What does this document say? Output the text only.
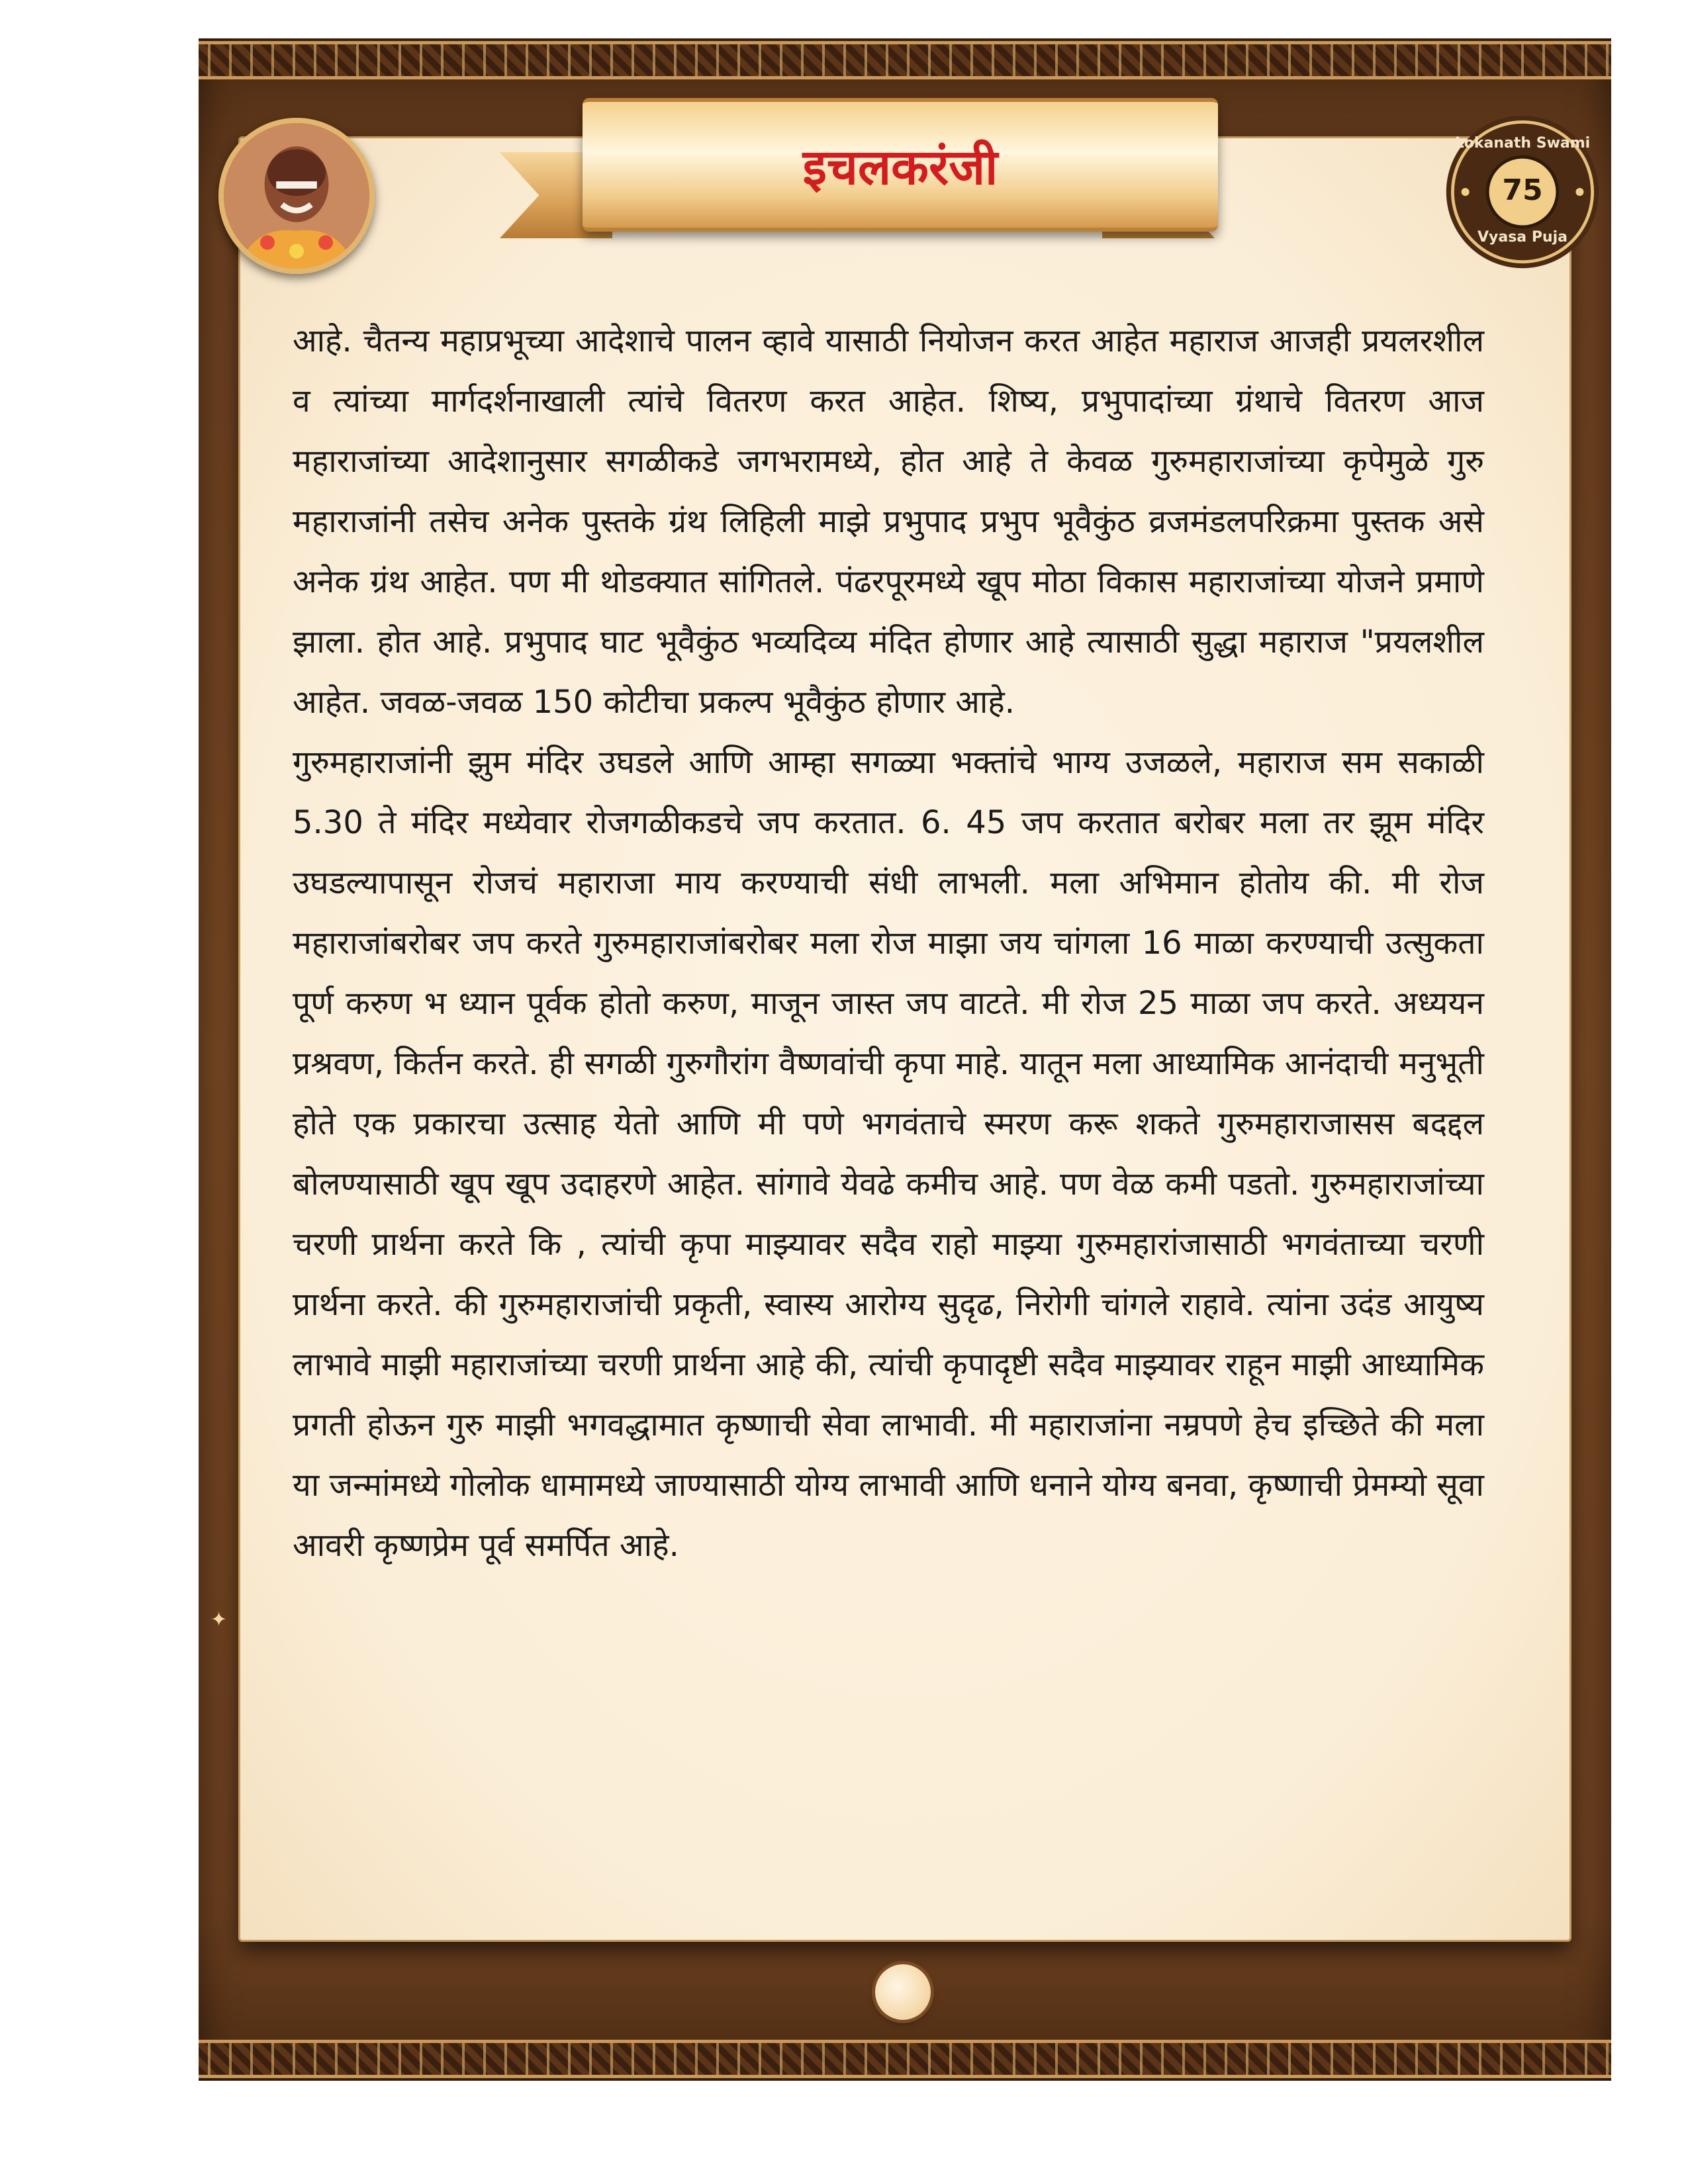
इचलकरंजी	Lokanath Swami
75
Vyasa Puja

आहे. चैतन्य महाप्रभूच्या आदेशाचे पालन व्हावे यासाठी नियोजन करत आहेत महाराज आजही प्रयलरशील व त्यांच्या मार्गदर्शनाखाली त्यांचे वितरण करत आहेत. शिष्य, प्रभुपादांच्या ग्रंथाचे वितरण आज महाराजांच्या आदेशानुसार सगळीकडे जगभरामध्ये, होत आहे ते केवळ गुरुमहाराजांच्या कृपेमुळे गुरु महाराजांनी तसेच अनेक पुस्तके ग्रंथ लिहिली माझे प्रभुपाद प्रभुप भूवैकुंठ व्रजमंडलपरिक्रमा पुस्तक असे अनेक ग्रंथ आहेत. पण मी थोडक्यात सांगितले. पंढरपूरमध्ये खूप मोठा विकास महाराजांच्या योजने प्रमाणे झाला. होत आहे. प्रभुपाद घाट भूवैकुंठ भव्यदिव्य मंदित होणार आहे त्यासाठी सुद्धा महाराज "प्रयलशील आहेत. जवळ-जवळ 150 कोटीचा प्रकल्प भूवैकुंठ होणार आहे.

गुरुमहाराजांनी झुम मंदिर उघडले आणि आम्हा सगळ्या भक्तांचे भाग्य उजळले, महाराज सम सकाळी 5.30 ते मंदिर मध्येवार रोजगळीकडचे जप करतात. 6. 45 जप करतात बरोबर मला तर झूम मंदिर उघडल्यापासून रोजचं महाराजा माय करण्याची संधी लाभली. मला अभिमान होतोय की. मी रोज महाराजांबरोबर जप करते गुरुमहाराजांबरोबर मला रोज माझा जय चांगला 16 माळा करण्याची उत्सुकता पूर्ण करुण भ ध्यान पूर्वक होतो करुण, माजून जास्त जप वाटते. मी रोज 25 माळा जप करते. अध्ययन प्रश्रवण, किर्तन करते. ही सगळी गुरुगौरांग वैष्णवांची कृपा माहे. यातून मला आध्यामिक आनंदाची मनुभूती होते एक प्रकारचा उत्साह येतो आणि मी पणे भगवंताचे स्मरण करू शकते गुरुमहाराजासस बदद्दल बोलण्यासाठी खूप खूप उदाहरणे आहेत. सांगावे येवढे कमीच आहे. पण वेळ कमी पडतो. गुरुमहाराजांच्या चरणी प्रार्थना करते कि , त्यांची कृपा माझ्यावर सदैव राहो माझ्या गुरुमहारांजासाठी भगवंताच्या चरणी प्रार्थना करते. की गुरुमहाराजांची प्रकृती, स्वास्य आरोग्य सुदृढ, निरोगी चांगले राहावे. त्यांना उदंड आयुष्य लाभावे माझी महाराजांच्या चरणी प्रार्थना आहे की, त्यांची कृपादृष्टी सदैव माझ्यावर राहून माझी आध्यामिक प्रगती होऊन गुरु माझी भगवद्धामात कृष्णाची सेवा लाभावी. मी महाराजांना नम्रपणे हेच इच्छिते की मला या जन्मांमध्ये गोलोक धामामध्ये जाण्यासाठी योग्य लाभावी आणि धनाने योग्य बनवा, कृष्णाची प्रेमम्यो सूवा आवरी कृष्णप्रेम पूर्व समर्पित आहे.

✦
